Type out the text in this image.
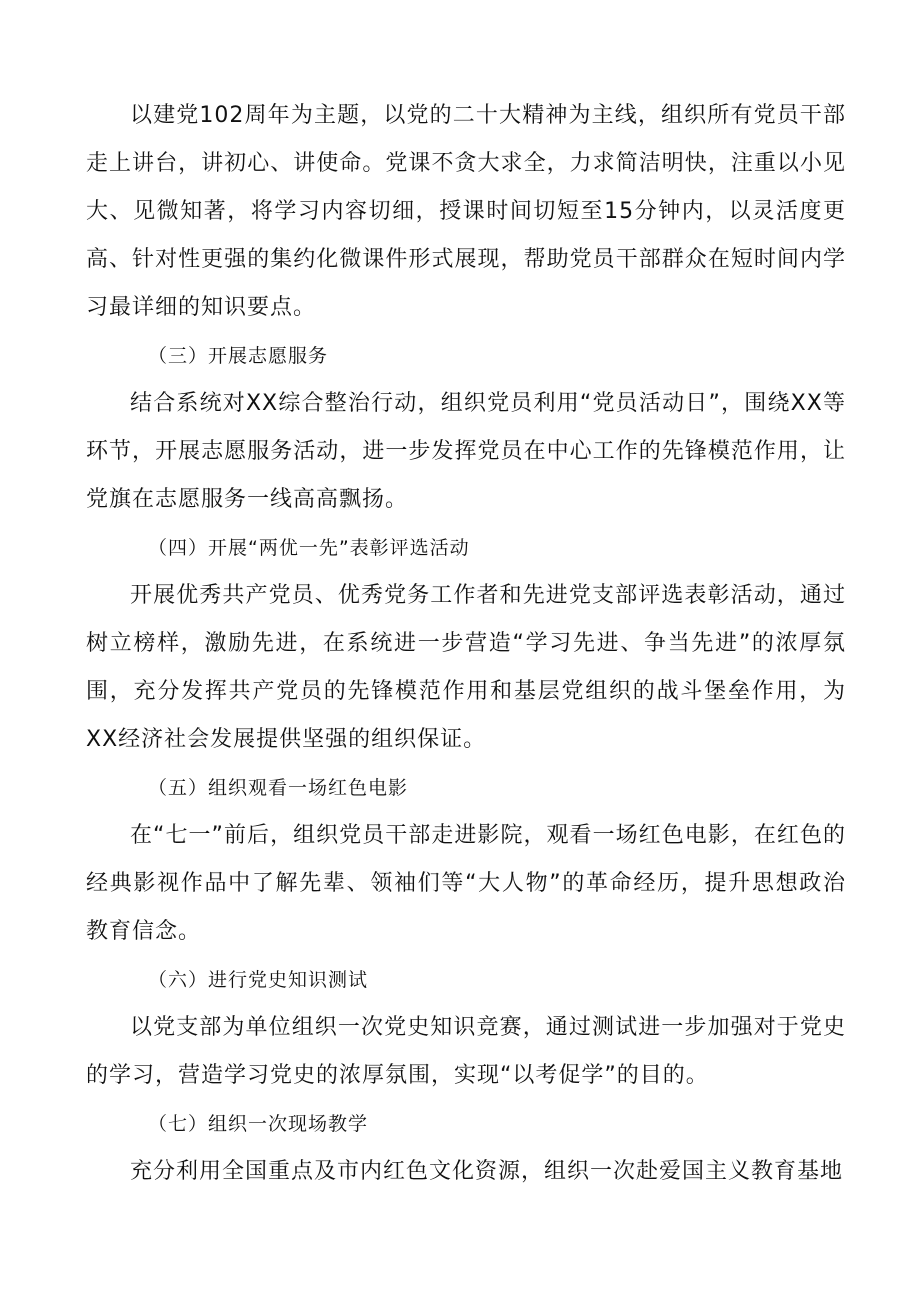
以建党102周年为主题，以党的二十大精神为主线，组织所有党员干部走上讲台，讲初心、讲使命。党课不贪大求全，力求简洁明快，注重以小见大、见微知著，将学习内容切细，授课时间切短至15分钟内，以灵活度更高、针对性更强的集约化微课件形式展现，帮助党员干部群众在短时间内学习最详细的知识要点。

（三）开展志愿服务

结合系统对XX综合整治行动，组织党员利用“党员活动日”，围绕XX等环节，开展志愿服务活动，进一步发挥党员在中心工作的先锋模范作用，让党旗在志愿服务一线高高飘扬。

（四）开展“两优一先”表彰评选活动

开展优秀共产党员、优秀党务工作者和先进党支部评选表彰活动，通过树立榜样，激励先进，在系统进一步营造“学习先进、争当先进”的浓厚氛围，充分发挥共产党员的先锋模范作用和基层党组织的战斗堡垒作用，为XX经济社会发展提供坚强的组织保证。

（五）组织观看一场红色电影

在“七一”前后，组织党员干部走进影院，观看一场红色电影，在红色的经典影视作品中了解先辈、领袖们等“大人物”的革命经历，提升思想政治教育信念。

（六）进行党史知识测试

以党支部为单位组织一次党史知识竞赛，通过测试进一步加强对于党史的学习，营造学习党史的浓厚氛围，实现“以考促学”的目的。

（七）组织一次现场教学

充分利用全国重点及市内红色文化资源，组织一次赴爱国主义教育基地
